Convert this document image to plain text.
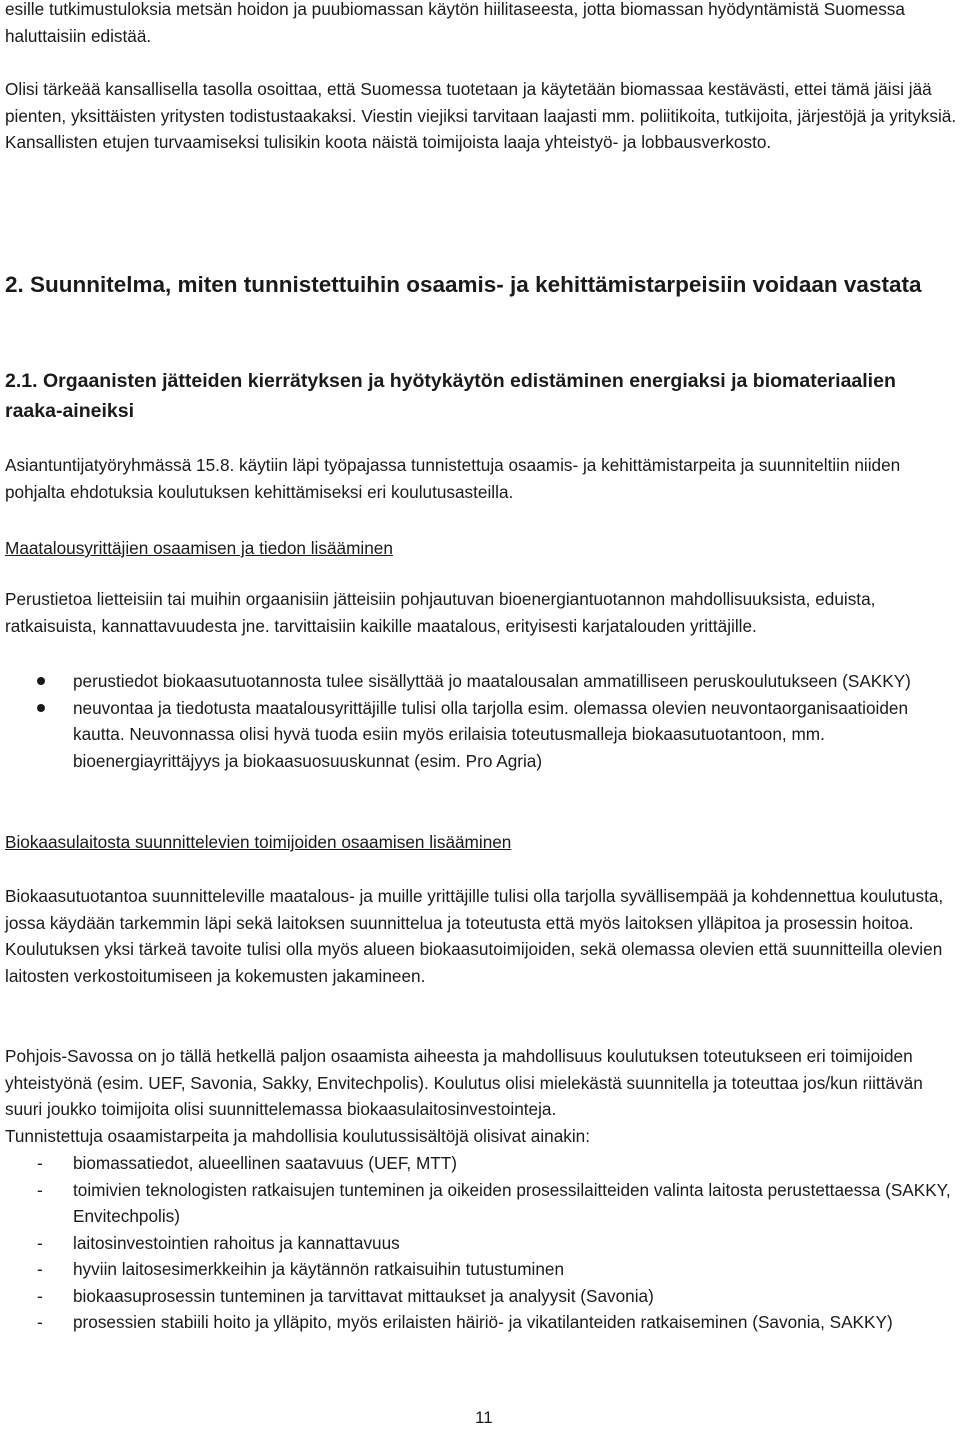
esille tutkimustuloksia metsän hoidon ja puubiomassan käytön hiilitaseesta, jotta biomassan hyödyntämistä Suomessa haluttaisiin edistää.

Olisi tärkeää kansallisella tasolla osoittaa, että Suomessa tuotetaan ja käytetään biomassaa kestävästi, ettei tämä jäisi jää pienten, yksittäisten yritysten todistustaakaksi. Viestin viejiksi tarvitaan laajasti mm. poliitikoita, tutkijoita, järjestöjä ja yrityksiä. Kansallisten etujen turvaamiseksi tulisikin koota näistä toimijoista laaja yhteistyö- ja lobbausverkosto.

2. Suunnitelma, miten tunnistettuihin osaamis- ja kehittämistarpeisiin voidaan vastata
2.1. Orgaanisten jätteiden kierrätyksen ja hyötykäytön edistäminen energiaksi ja biomateriaalien raaka-aineiksi

Asiantuntijatyöryhmässä 15.8. käytiin läpi työpajassa tunnistettuja osaamis- ja kehittämistarpeita ja suunniteltiin niiden pohjalta ehdotuksia koulutuksen kehittämiseksi eri koulutusasteilla.

Maatalousyrittäjien osaamisen ja tiedon lisääminen

Perustietoa lietteisiin tai muihin orgaanisiin jätteisiin pohjautuvan bioenergiantuotannon mahdollisuuksista, eduista, ratkaisuista, kannattavuudesta jne. tarvittaisiin kaikille maatalous, erityisesti karjatalouden yrittäjille.

perustiedot biokaasutuotannosta tulee sisällyttää jo maatalousalan ammatilliseen peruskoulutukseen (SAKKY)
neuvontaa ja tiedotusta maatalousyrittäjille tulisi olla tarjolla esim. olemassa olevien neuvontaorganisaatioiden kautta. Neuvonnassa olisi hyvä tuoda esiin myös erilaisia toteutusmalleja biokaasutuotantoon, mm. bioenergiayrittäjyys ja biokaasuosuuskunnat (esim. Pro Agria)

Biokaasulaitosta suunnittelevien toimijoiden osaamisen lisääminen

Biokaasutuotantoa suunnitteleville maatalous- ja muille yrittäjille tulisi olla tarjolla syvällisempää ja kohdennettua koulutusta, jossa käydään tarkemmin läpi sekä laitoksen suunnittelua ja toteutusta että myös laitoksen ylläpitoa ja prosessin hoitoa. Koulutuksen yksi tärkeä tavoite tulisi olla myös alueen biokaasutoimijoiden, sekä olemassa olevien että suunnitteilla olevien laitosten verkostoitumiseen ja kokemusten jakamineen.

Pohjois-Savossa on jo tällä hetkellä paljon osaamista aiheesta ja mahdollisuus koulutuksen toteutukseen eri toimijoiden yhteistyönä (esim. UEF, Savonia, Sakky, Envitechpolis). Koulutus olisi mielekästä suunnitella ja toteuttaa jos/kun riittävän suuri joukko toimijoita olisi suunnittelemassa biokaasulaitosinvestointeja.

Tunnistettuja osaamistarpeita ja mahdollisia koulutussisältöjä olisivat ainakin:

- biomassatiedot, alueellinen saatavuus (UEF, MTT)
- toimivien teknologisten ratkaisujen tunteminen ja oikeiden prosessilaitteiden valinta laitosta perustettaessa (SAKKY, Envitechpolis)
- laitosinvestointien rahoitus ja kannattavuus
- hyviin laitosesimerkkeihin ja käytännön ratkaisuihin tutustuminen
- biokaasuprosessin tunteminen ja tarvittavat mittaukset ja analyysit (Savonia)
- prosessien stabiili hoito ja ylläpito, myös erilaisten häiriö- ja vikatilanteiden ratkaiseminen (Savonia, SAKKY)
11
